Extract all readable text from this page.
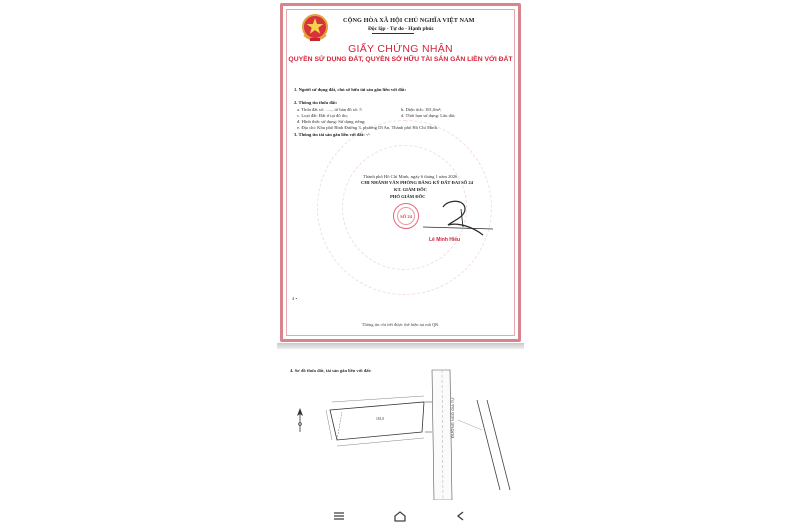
CỘNG HÒA XÃ HỘI CHỦ NGHĨA VIỆT NAM
Độc lập - Tự do - Hạnh phúc
GIẤY CHỨNG NHẬN
QUYỀN SỬ DỤNG ĐẤT, QUYỀN SỞ HỮU TÀI SẢN GẮN LIỀN VỚI ĐẤT
1. Người sử dụng đất, chủ sở hữu tài sản gắn liền với đất:
2. Thông tin thửa đất:
a. Thửa đất số: ......, tờ bản đồ số: 5	b. Diện tích: 181,0m²;
c. Loại đất: Đất ở tại đô thị;	d. Thời hạn sử dụng: Lâu dài;
đ. Hình thức sử dụng: Sử dụng riêng;
e. Địa chỉ: Khu phố Bình Đường 3, phường Dĩ An, Thành phố Hồ Chí Minh.
3. Thông tin tài sản gắn liền với đất: -/-
Thành phố Hồ Chí Minh, ngày 6 tháng 1 năm 2026
CHI NHÁNH VĂN PHÒNG ĐĂNG KÝ ĐẤT ĐAI SỐ 24
KT. GIÁM ĐỐC
PHÓ GIÁM ĐỐC
SỐ 24
Lê Minh Hiếu
4 •
Thông tin chi tiết được thể hiện tại mã QR.
4. Sơ đồ thửa đất, tài sản gắn liền với đất:
181,0	ĐƯỜNG NGÔ GIA TỰ
